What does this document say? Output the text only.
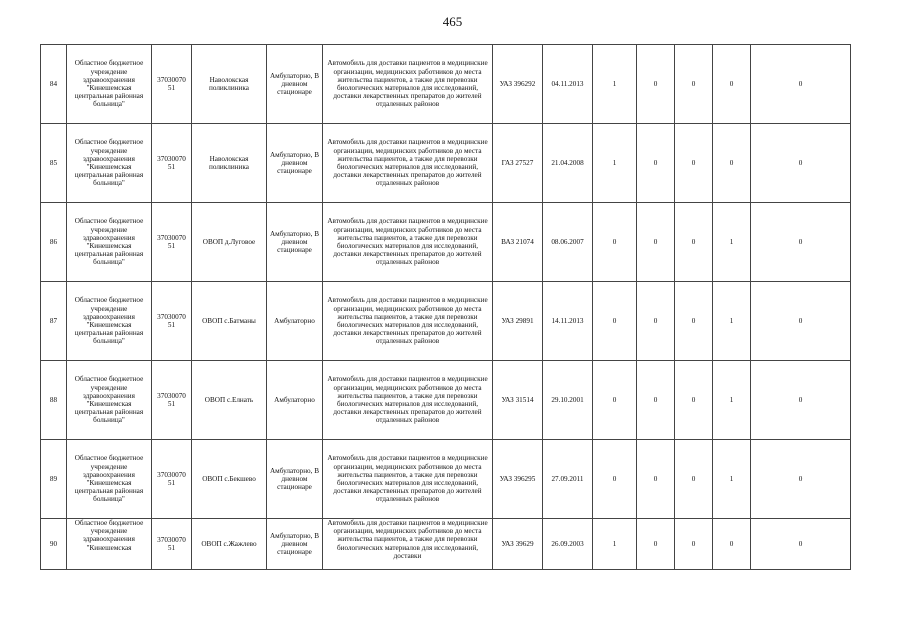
465
84	Областное бюджетное учреждение здравоохранения "Кинешемская центральная районная больница"	37030070 51	Наволокская поликлиника	Амбулаторно, В дневном стационаре	Автомобиль для доставки пациентов в медицинские организации, медицинских работников до места жительства пациентов, а также для перевозки биологических материалов для исследований, доставки лекарственных препаратов до жителей отдаленных районов	УАЗ 396292	04.11.2013	1	0	0	0	0
85	Областное бюджетное учреждение здравоохранения "Кинешемская центральная районная больница"	37030070 51	Наволокская поликлиника	Амбулаторно, В дневном стационаре	Автомобиль для доставки пациентов в медицинские организации, медицинских работников до места жительства пациентов, а также для перевозки биологических материалов для исследований, доставки лекарственных препаратов до жителей отдаленных районов	ГАЗ 27527	21.04.2008	1	0	0	0	0
86	Областное бюджетное учреждение здравоохранения "Кинешемская центральная районная больница"	37030070 51	ОВОП д.Луговое	Амбулаторно, В дневном стационаре	Автомобиль для доставки пациентов в медицинские организации, медицинских работников до места жительства пациентов, а также для перевозки биологических материалов для исследований, доставки лекарственных препаратов до жителей отдаленных районов	ВАЗ 21074	08.06.2007	0	0	0	1	0
87	Областное бюджетное учреждение здравоохранения "Кинешемская центральная районная больница"	37030070 51	ОВОП с.Батманы	Амбулаторно	Автомобиль для доставки пациентов в медицинские организации, медицинских работников до места жительства пациентов, а также для перевозки биологических материалов для исследований, доставки лекарственных препаратов до жителей отдаленных районов	УАЗ 29891	14.11.2013	0	0	0	1	0
88	Областное бюджетное учреждение здравоохранения "Кинешемская центральная районная больница"	37030070 51	ОВОП с.Елнать	Амбулаторно	Автомобиль для доставки пациентов в медицинские организации, медицинских работников до места жительства пациентов, а также для перевозки биологических материалов для исследований, доставки лекарственных препаратов до жителей отдаленных районов	УАЗ 31514	29.10.2001	0	0	0	1	0
89	Областное бюджетное учреждение здравоохранения "Кинешемская центральная районная больница"	37030070 51	ОВОП с.Бекшево	Амбулаторно, В дневном стационаре	Автомобиль для доставки пациентов в медицинские организации, медицинских работников до места жительства пациентов, а также для перевозки биологических материалов для исследований, доставки лекарственных препаратов до жителей отдаленных районов	УАЗ 396295	27.09.2011	0	0	0	1	0
90	Областное бюджетное учреждение здравоохранения "Кинешемская	37030070 51	ОВОП с.Жажлево	Амбулаторно, В дневном стационаре	Автомобиль для доставки пациентов в медицинские организации, медицинских работников до места жительства пациентов, а также для перевозки биологических материалов для исследований, доставки	УАЗ 39629	26.09.2003	1	0	0	0	0
